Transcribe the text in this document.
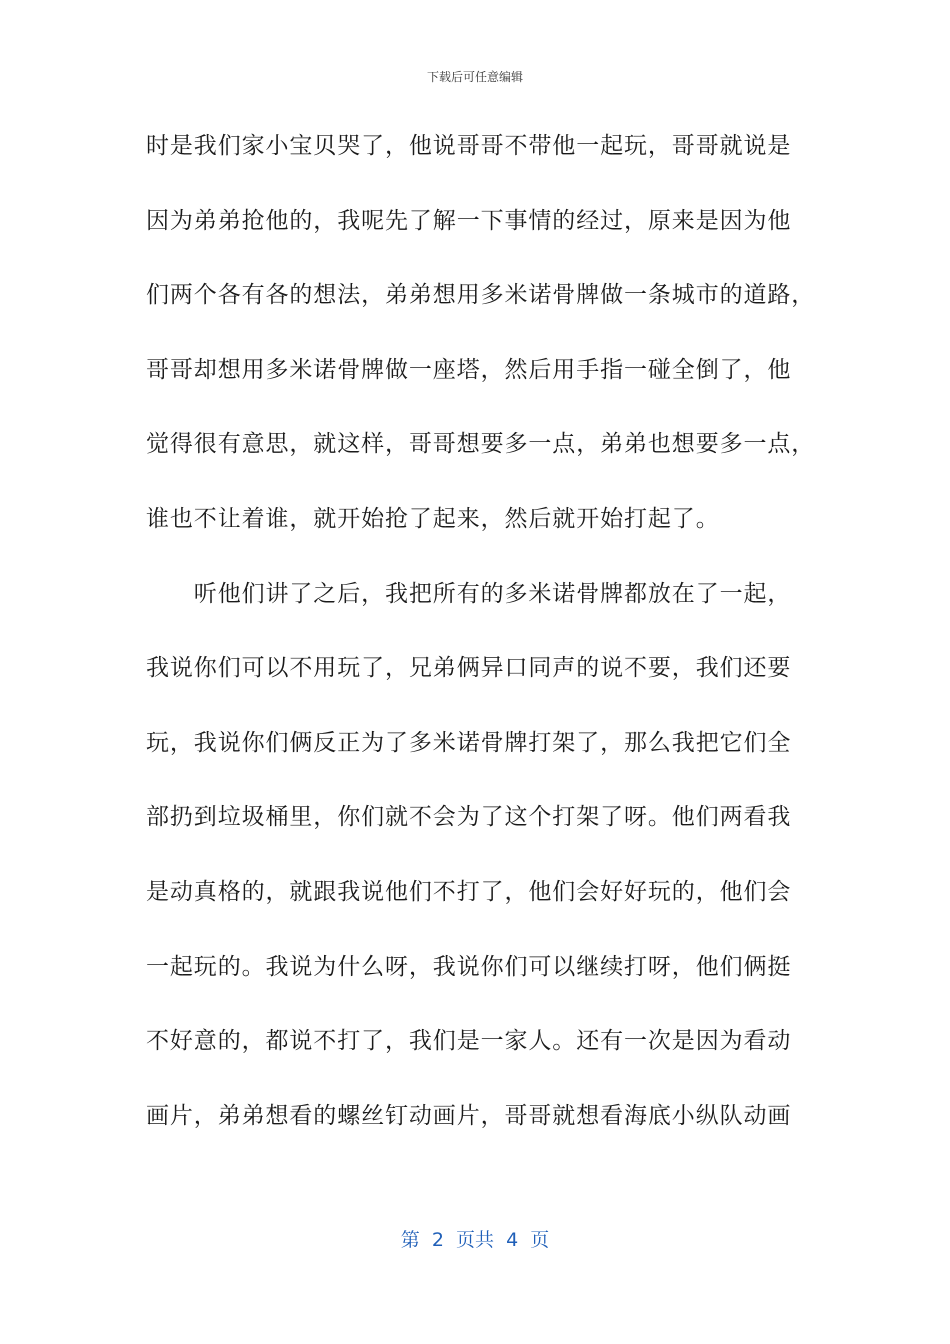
下载后可任意编辑
时是我们家小宝贝哭了，他说哥哥不带他一起玩，哥哥就说是
因为弟弟抢他的，我呢先了解一下事情的经过，原来是因为他
们两个各有各的想法，弟弟想用多米诺骨牌做一条城市的道路，
哥哥却想用多米诺骨牌做一座塔，然后用手指一碰全倒了，他
觉得很有意思，就这样，哥哥想要多一点，弟弟也想要多一点，
谁也不让着谁，就开始抢了起来，然后就开始打起了。
　　听他们讲了之后，我把所有的多米诺骨牌都放在了一起，
我说你们可以不用玩了，兄弟俩异口同声的说不要，我们还要
玩，我说你们俩反正为了多米诺骨牌打架了，那么我把它们全
部扔到垃圾桶里，你们就不会为了这个打架了呀。他们两看我
是动真格的，就跟我说他们不打了，他们会好好玩的，他们会
一起玩的。我说为什么呀，我说你们可以继续打呀，他们俩挺
不好意的，都说不打了，我们是一家人。还有一次是因为看动
画片，弟弟想看的螺丝钉动画片，哥哥就想看海底小纵队动画
第  2  页共  4  页
